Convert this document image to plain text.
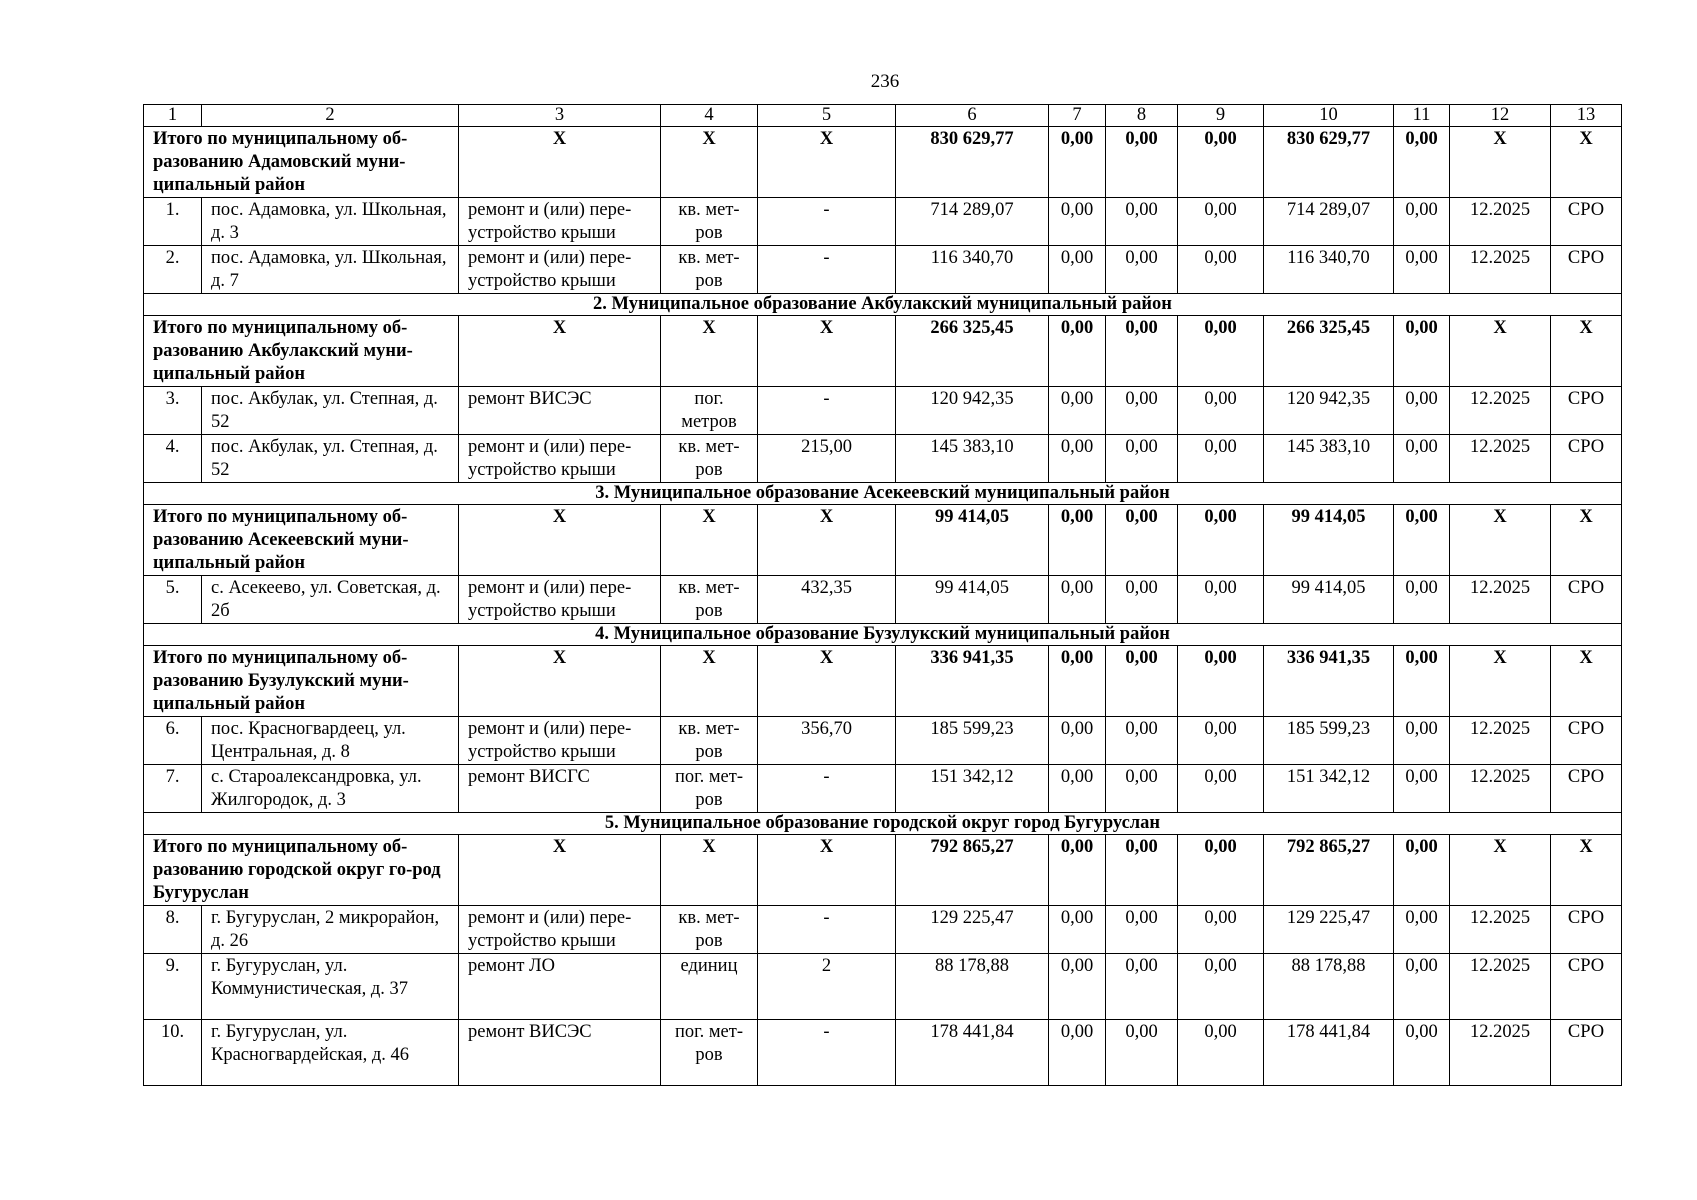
236
1	2	3	4	5	6	7	8	9	10	11	12	13
Итого по муниципальному об-разованию Адамовский муни-ципальный район		X	X	X	830 629,77	0,00	0,00	0,00	830 629,77	0,00	X	X
1.	пос. Адамовка, ул. Школьная, д. 3	ремонт и (или) пере-устройство крыши	кв. мет-ров	-	714 289,07	0,00	0,00	0,00	714 289,07	0,00	12.2025	СРО
2.	пос. Адамовка, ул. Школьная, д. 7	ремонт и (или) пере-устройство крыши	кв. мет-ров	-	116 340,70	0,00	0,00	0,00	116 340,70	0,00	12.2025	СРО
2. Муниципальное образование Акбулакский муниципальный район												
Итого по муниципальному об-разованию Акбулакский муни-ципальный район		X	X	X	266 325,45	0,00	0,00	0,00	266 325,45	0,00	X	X
3.	пос. Акбулак, ул. Степная, д. 52	ремонт ВИСЭС	пог. метров	-	120 942,35	0,00	0,00	0,00	120 942,35	0,00	12.2025	СРО
4.	пос. Акбулак, ул. Степная, д. 52	ремонт и (или) пере-устройство крыши	кв. мет-ров	215,00	145 383,10	0,00	0,00	0,00	145 383,10	0,00	12.2025	СРО
3. Муниципальное образование Асекеевский муниципальный район												
Итого по муниципальному об-разованию Асекеевский муни-ципальный район		X	X	X	99 414,05	0,00	0,00	0,00	99 414,05	0,00	X	X
5.	с. Асекеево, ул. Советская, д. 2б	ремонт и (или) пере-устройство крыши	кв. мет-ров	432,35	99 414,05	0,00	0,00	0,00	99 414,05	0,00	12.2025	СРО
4. Муниципальное образование Бузулукский муниципальный район												
Итого по муниципальному об-разованию Бузулукский муни-ципальный район		X	X	X	336 941,35	0,00	0,00	0,00	336 941,35	0,00	X	X
6.	пос. Красногвардеец, ул. Центральная, д. 8	ремонт и (или) пере-устройство крыши	кв. мет-ров	356,70	185 599,23	0,00	0,00	0,00	185 599,23	0,00	12.2025	СРО
7.	с. Староалександровка, ул. Жилгородок, д. 3	ремонт ВИСГС	пог. мет-ров	-	151 342,12	0,00	0,00	0,00	151 342,12	0,00	12.2025	СРО
5. Муниципальное образование городской округ город Бугуруслан												
Итого по муниципальному об-разованию городской округ го-род Бугуруслан		X	X	X	792 865,27	0,00	0,00	0,00	792 865,27	0,00	X	X
8.	г. Бугуруслан, 2 микрорайон, д. 26	ремонт и (или) пере-устройство крыши	кв. мет-ров	-	129 225,47	0,00	0,00	0,00	129 225,47	0,00	12.2025	СРО
9.	г. Бугуруслан, ул. Коммунистическая, д. 37	ремонт ЛО	единиц	2	88 178,88	0,00	0,00	0,00	88 178,88	0,00	12.2025	СРО
10.	г. Бугуруслан, ул. Красногвардейская, д. 46	ремонт ВИСЭС	пог. мет-ров	-	178 441,84	0,00	0,00	0,00	178 441,84	0,00	12.2025	СРО
